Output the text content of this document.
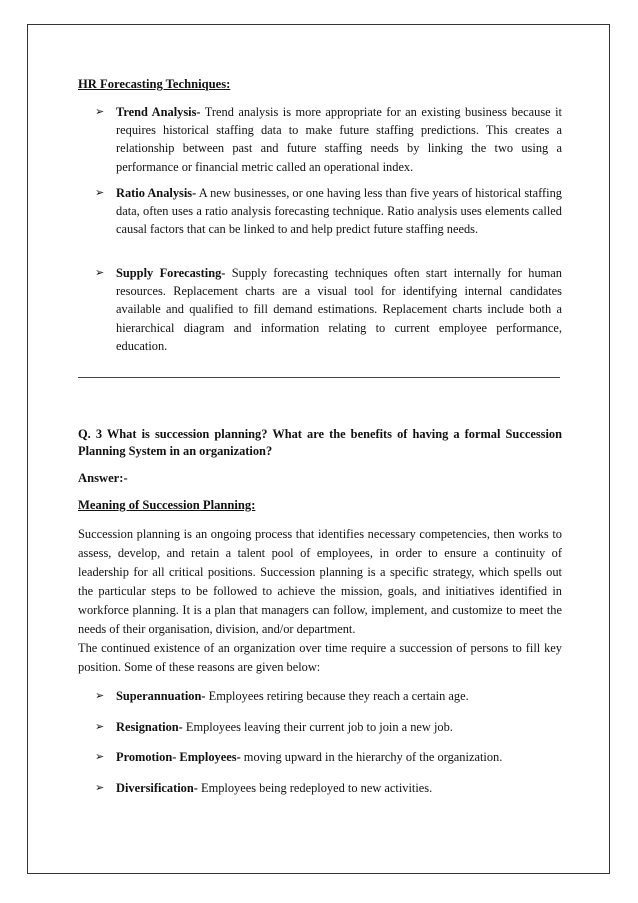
HR Forecasting Techniques:
➢ Trend Analysis- Trend analysis is more appropriate for an existing business because it requires historical staffing data to make future staffing predictions. This creates a relationship between past and future staffing needs by linking the two using a performance or financial metric called an operational index.
➢ Ratio Analysis- A new businesses, or one having less than five years of historical staffing data, often uses a ratio analysis forecasting technique. Ratio analysis uses elements called causal factors that can be linked to and help predict future staffing needs.
➢ Supply Forecasting- Supply forecasting techniques often start internally for human resources. Replacement charts are a visual tool for identifying internal candidates available and qualified to fill demand estimations. Replacement charts include both a hierarchical diagram and information relating to current employee performance, education.
Q. 3 What is succession planning? What are the benefits of having a formal Succession Planning System in an organization?
Answer:-
Meaning of Succession Planning:
Succession planning is an ongoing process that identifies necessary competencies, then works to assess, develop, and retain a talent pool of employees, in order to ensure a continuity of leadership for all critical positions. Succession planning is a specific strategy, which spells out the particular steps to be followed to achieve the mission, goals, and initiatives identified in workforce planning. It is a plan that managers can follow, implement, and customize to meet the needs of their organisation, division, and/or department.
The continued existence of an organization over time require a succession of persons to fill key position. Some of these reasons are given below:
➢ Superannuation- Employees retiring because they reach a certain age.
➢ Resignation- Employees leaving their current job to join a new job.
➢ Promotion- Employees- moving upward in the hierarchy of the organization.
➢ Diversification- Employees being redeployed to new activities.
